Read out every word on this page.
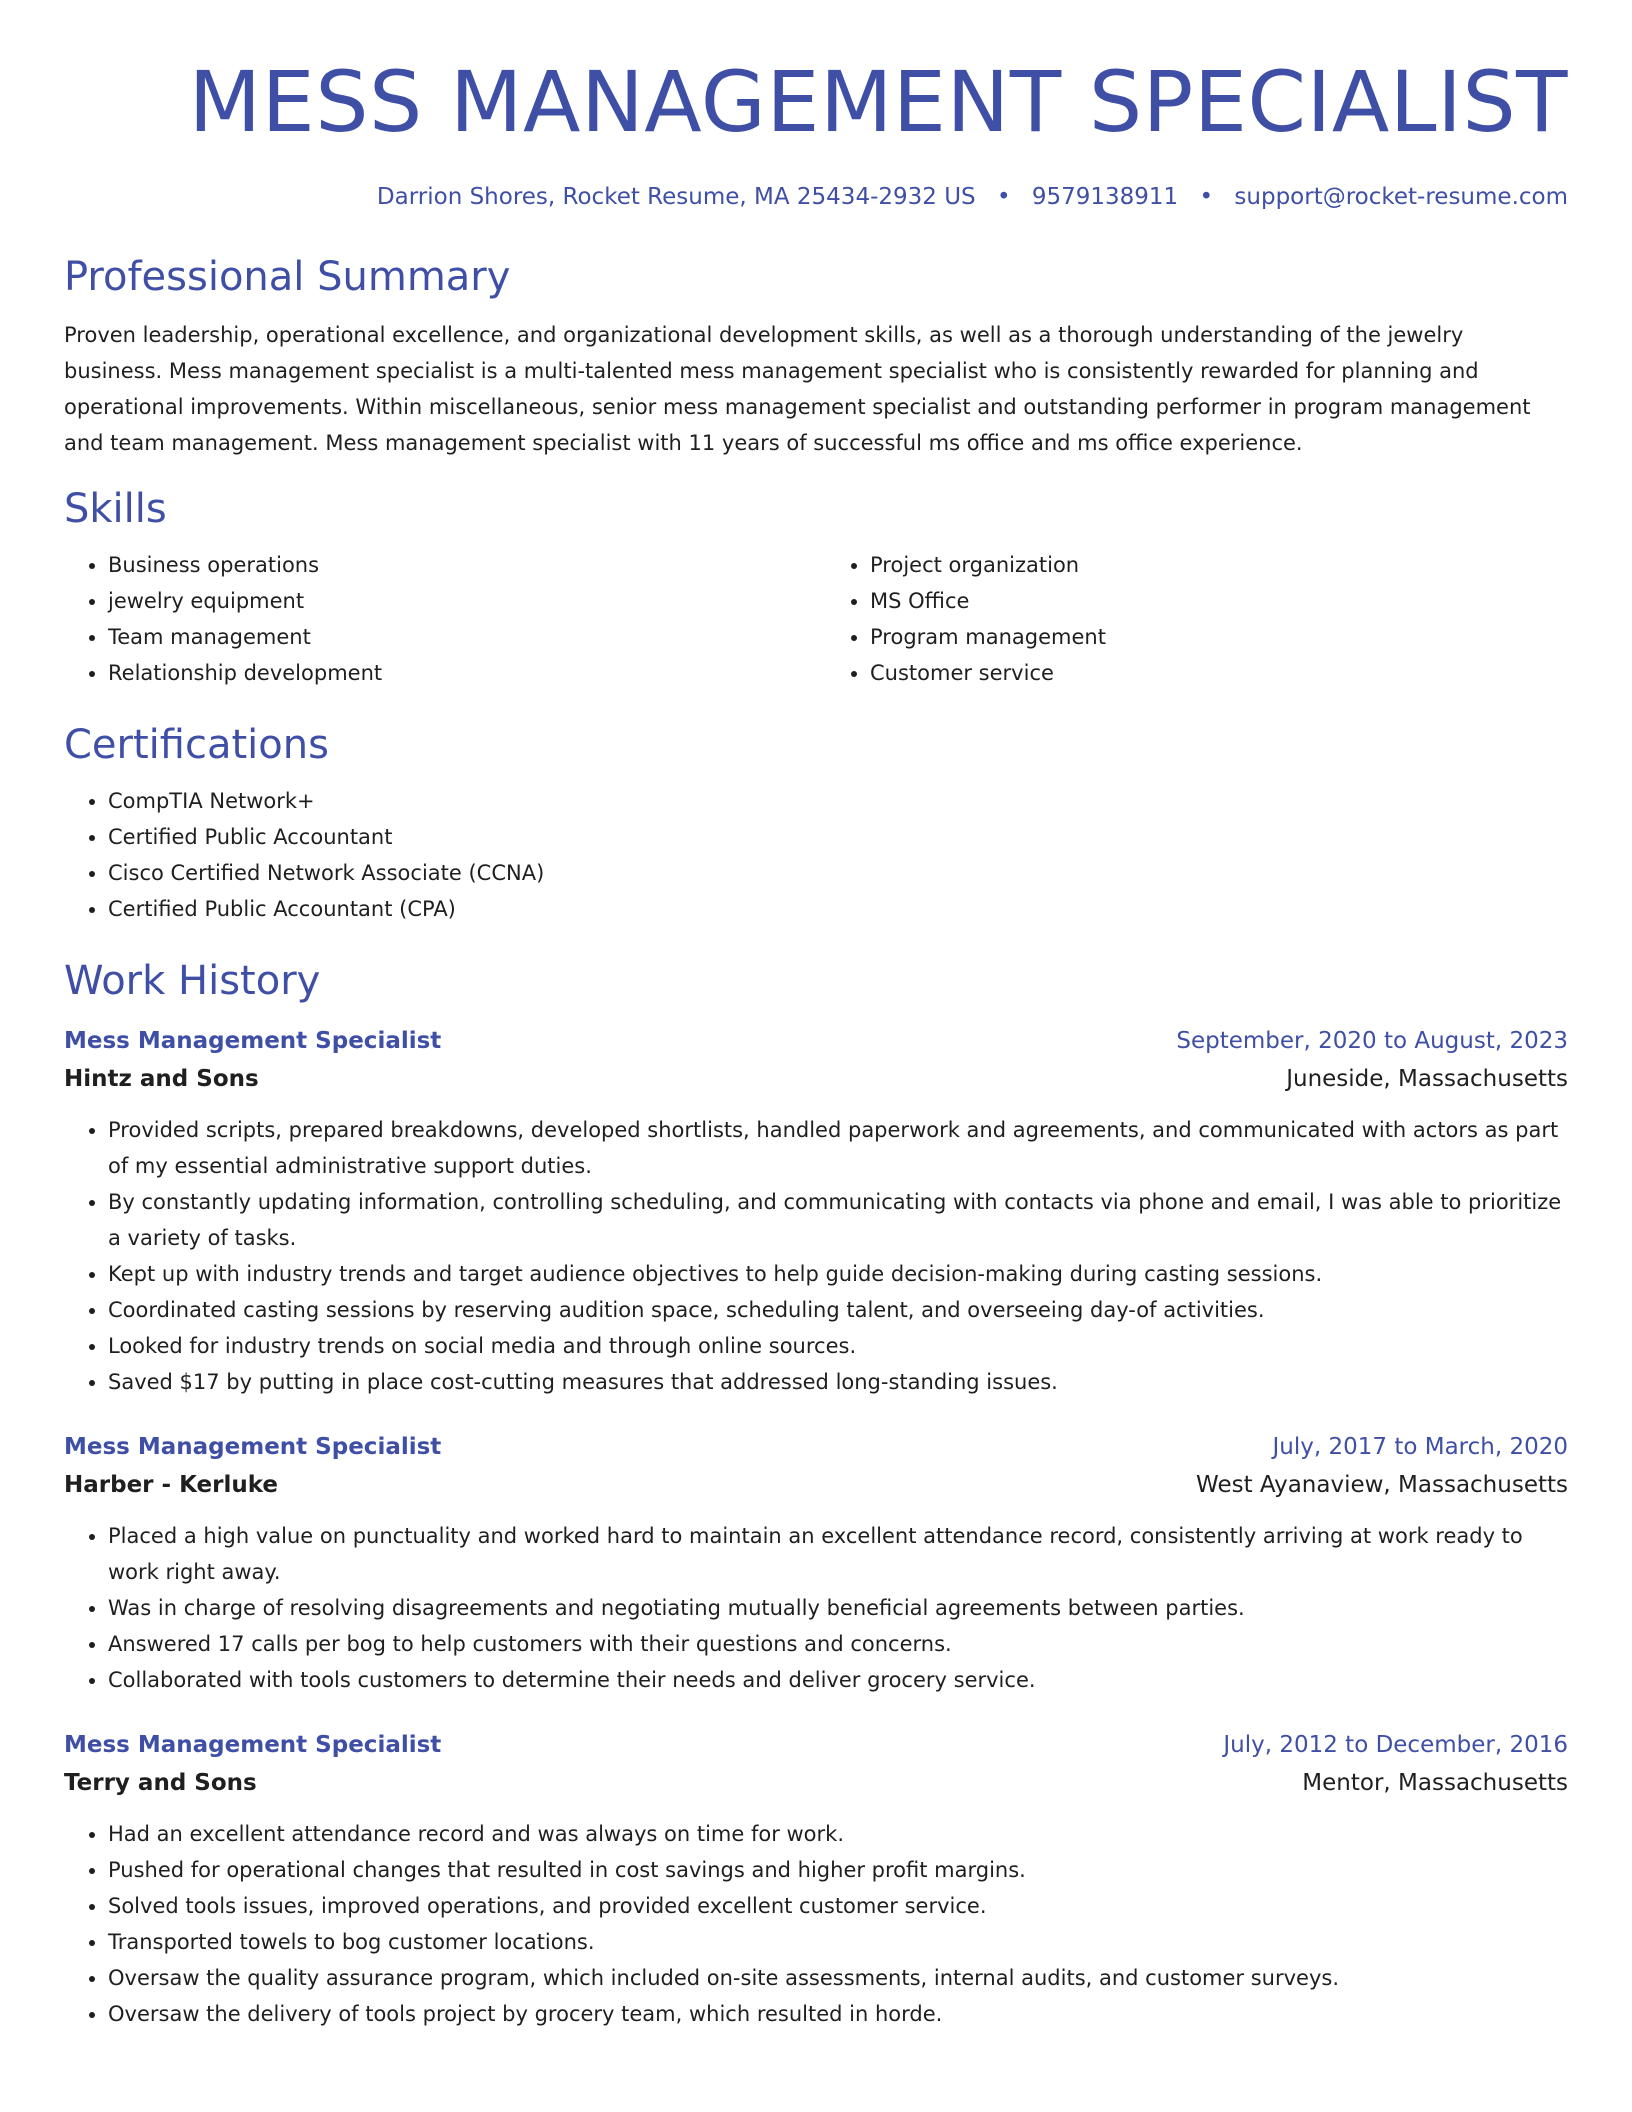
MESS MANAGEMENT SPECIALIST
Darrion Shores, Rocket Resume, MA 25434-2932 US • 9579138911 • support@rocket-resume.com
Professional Summary

Proven leadership, operational excellence, and organizational development skills, as well as a thorough understanding of the jewelry business. Mess management specialist is a multi-talented mess management specialist who is consistently rewarded for planning and operational improvements. Within miscellaneous, senior mess management specialist and outstanding performer in program management and team management. Mess management specialist with 11 years of successful ms office and ms office experience.

Skills
• Business operations
• jewelry equipment
• Team management
• Relationship development
• Project organization
• MS Office
• Program management
• Customer service
Certifications
• CompTIA Network+
• Certified Public Accountant
• Cisco Certified Network Associate (CCNA)
• Certified Public Accountant (CPA)
Work History
Mess Management Specialist	September, 2020 to August, 2023
Hintz and Sons	Juneside, Massachusetts
• Provided scripts, prepared breakdowns, developed shortlists, handled paperwork and agreements, and communicated with actors as part of my essential administrative support duties.
• By constantly updating information, controlling scheduling, and communicating with contacts via phone and email, I was able to prioritize a variety of tasks.
• Kept up with industry trends and target audience objectives to help guide decision-making during casting sessions.
• Coordinated casting sessions by reserving audition space, scheduling talent, and overseeing day-of activities.
• Looked for industry trends on social media and through online sources.
• Saved $17 by putting in place cost-cutting measures that addressed long-standing issues.
Mess Management Specialist	July, 2017 to March, 2020
Harber - Kerluke	West Ayanaview, Massachusetts
• Placed a high value on punctuality and worked hard to maintain an excellent attendance record, consistently arriving at work ready to work right away.
• Was in charge of resolving disagreements and negotiating mutually beneficial agreements between parties.
• Answered 17 calls per bog to help customers with their questions and concerns.
• Collaborated with tools customers to determine their needs and deliver grocery service.
Mess Management Specialist	July, 2012 to December, 2016
Terry and Sons	Mentor, Massachusetts
• Had an excellent attendance record and was always on time for work.
• Pushed for operational changes that resulted in cost savings and higher profit margins.
• Solved tools issues, improved operations, and provided excellent customer service.
• Transported towels to bog customer locations.
• Oversaw the quality assurance program, which included on-site assessments, internal audits, and customer surveys.
• Oversaw the delivery of tools project by grocery team, which resulted in horde.
